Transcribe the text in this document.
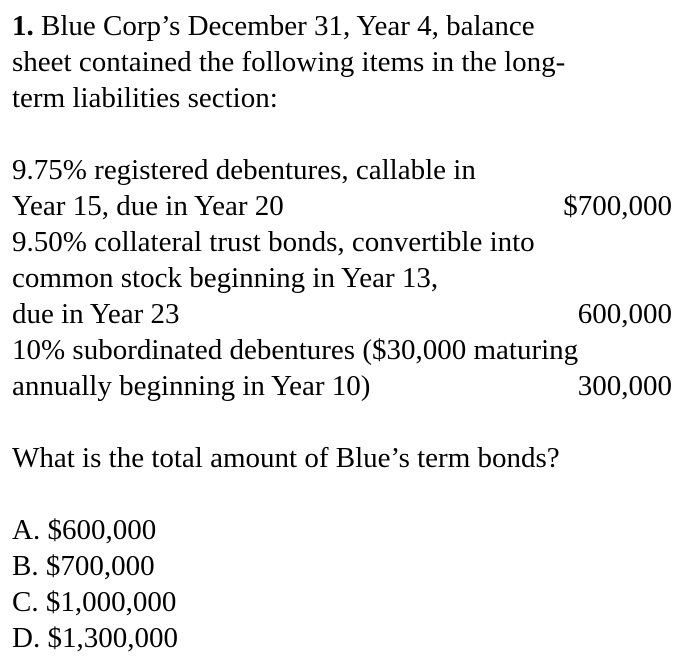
1. Blue Corp’s December 31, Year 4, balance
sheet contained the following items in the long-
term liabilities section:
9.75% registered debentures, callable in
Year 15, due in Year 20	$700,000
9.50% collateral trust bonds, convertible into
common stock beginning in Year 13,
due in Year 23	600,000
10% subordinated debentures ($30,000 maturing
annually beginning in Year 10)	300,000
What is the total amount of Blue’s term bonds?
A. $600,000
B. $700,000
C. $1,000,000
D. $1,300,000
